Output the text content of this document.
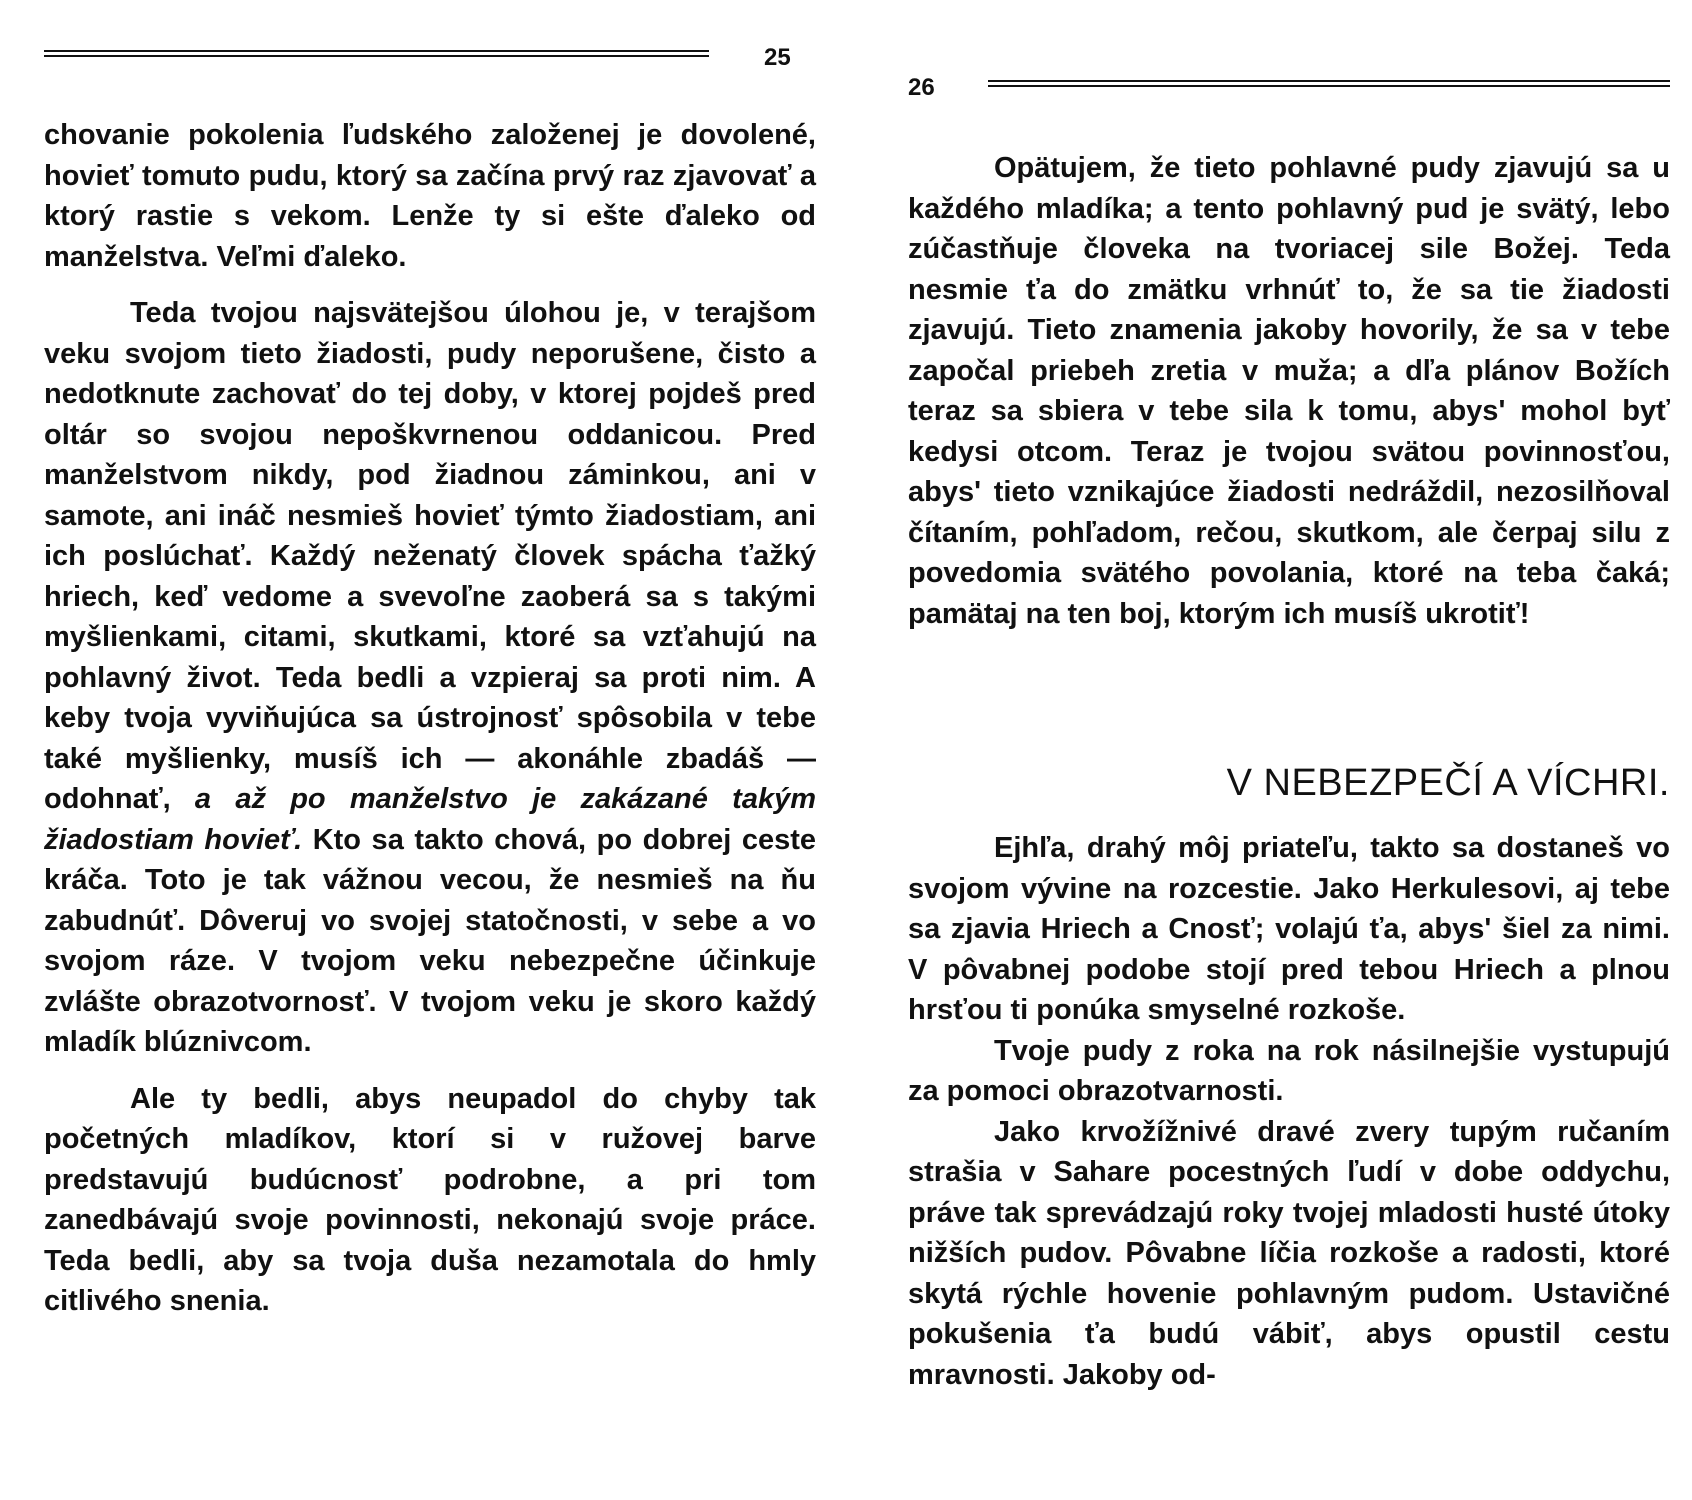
25

chovanie pokolenia ľudského založenej je dovolené, hovieť tomuto pudu, ktorý sa začína prvý raz zjavovať a ktorý rastie s vekom. Lenže ty si ešte ďaleko od manželstva. Veľmi ďaleko.

Teda tvojou najsvätejšou úlohou je, v terajšom veku svojom tieto žiadosti, pudy neporušene, čisto a nedotknute zachovať do tej doby, v ktorej pojdeš pred oltár so svojou nepoškvrnenou oddanicou. Pred manželstvom nikdy, pod žiadnou záminkou, ani v samote, ani ináč nesmieš hovieť týmto žiadostiam, ani ich poslúchať. Každý neženatý človek spácha ťažký hriech, keď vedome a svevoľne zaoberá sa s takými myšlienkami, citami, skutkami, ktoré sa vzťahujú na pohlavný život. Teda bedli a vzpieraj sa proti nim. A keby tvoja vyviňujúca sa ústrojnosť spôsobila v tebe také myšlienky, musíš ich — akonáhle zbadáš — odohnať, a až po manželstvo je zakázané takým žiadostiam hovieť. Kto sa takto chová, po dobrej ceste kráča. Toto je tak vážnou vecou, že nesmieš na ňu zabudnúť. Dôveruj vo svojej statočnosti, v sebe a vo svojom ráze. V tvojom veku nebezpečne účinkuje zvlášte obrazotvornosť. V tvojom veku je skoro každý mladík blúznivcom.

Ale ty bedli, abys neupadol do chyby tak početných mladíkov, ktorí si v ružovej barve predstavujú budúcnosť podrobne, a pri tom zanedbávajú svoje povinnosti, nekonajú svoje práce. Teda bedli, aby sa tvoja duša nezamotala do hmly citlivého snenia.

26

Opätujem, že tieto pohlavné pudy zjavujú sa u každého mladíka; a tento pohlavný pud je svätý, lebo zúčastňuje človeka na tvoriacej sile Božej. Teda nesmie ťa do zmätku vrhnúť to, že sa tie žiadosti zjavujú. Tieto znamenia jakoby hovorily, že sa v tebe započal priebeh zretia v muža; a dľa plánov Božích teraz sa sbiera v tebe sila k tomu, abys' mohol byť kedysi otcom. Teraz je tvojou svätou povinnosťou, abys' tieto vznikajúce žiadosti nedráždil, nezosilňoval čítaním, pohľadom, rečou, skutkom, ale čerpaj silu z povedomia svätého povolania, ktoré na teba čaká; pamätaj na ten boj, ktorým ich musíš ukrotiť!

V NEBEZPEČÍ A VÍCHRI.

Ejhľa, drahý môj priateľu, takto sa dostaneš vo svojom vývine na rozcestie. Jako Herkulesovi, aj tebe sa zjavia Hriech a Cnosť; volajú ťa, abys' šiel za nimi. V pôvabnej podobe stojí pred tebou Hriech a plnou hrsťou ti ponúka smyselné rozkoše.

Tvoje pudy z roka na rok násilnejšie vystupujú za pomoci obrazotvarnosti.

Jako krvožížnivé dravé zvery tupým ručaním strašia v Sahare pocestných ľudí v dobe oddychu, práve tak sprevádzajú roky tvojej mladosti husté útoky nižších pudov. Pôvabne líčia rozkoše a radosti, ktoré skytá rýchle hovenie pohlavným pudom. Ustavičné pokušenia ťa budú vábiť, abys opustil cestu mravnosti. Jakoby od-
